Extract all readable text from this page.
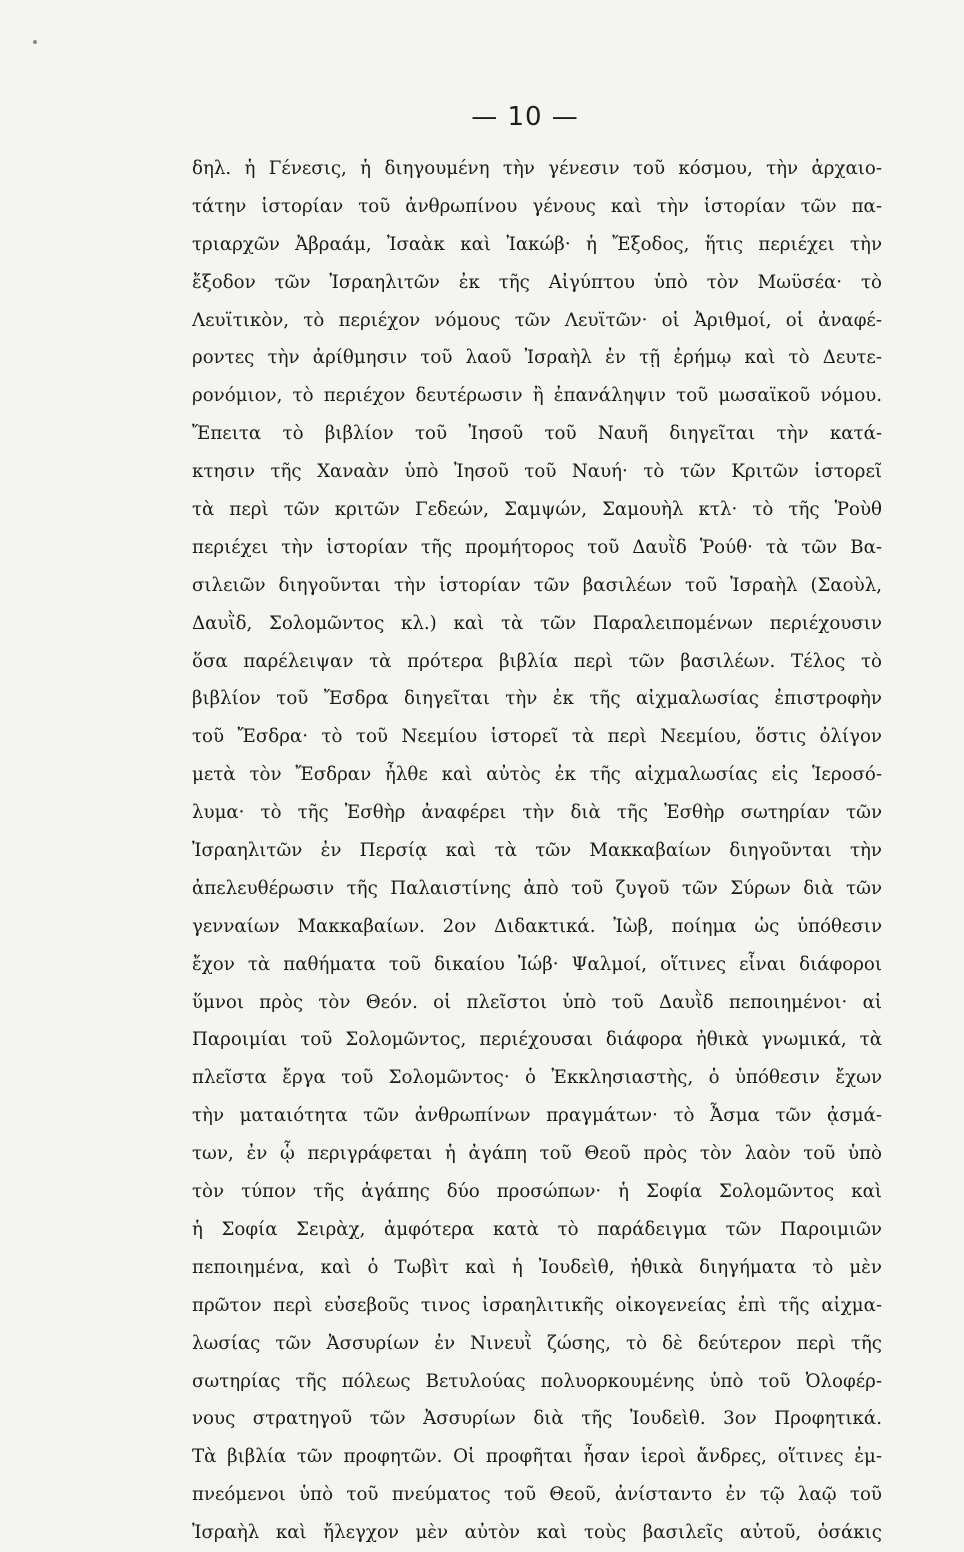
— 10 —
δηλ. ἡ Γένεσις, ἡ διηγουμένη τὴν γένεσιν τοῦ κόσμου, τὴν ἀρχαιο-
τάτην ἱστορίαν τοῦ ἀνθρωπίνου γένους καὶ τὴν ἱστορίαν τῶν πα-
τριαρχῶν Ἀβραάμ, Ἰσαὰκ καὶ Ἰακώβ· ἡ Ἔξοδος, ἥτις περιέχει τὴν
ἔξοδον τῶν Ἰσραηλιτῶν ἐκ τῆς Αἰγύπτου ὑπὸ τὸν Μωϋσέα· τὸ
Λευϊτικὸν, τὸ περιέχον νόμους τῶν Λευϊτῶν· οἱ Ἀριθμοί, οἱ ἀναφέ-
ροντες τὴν ἀρίθμησιν τοῦ λαοῦ Ἰσραὴλ ἐν τῇ ἐρήμῳ καὶ τὸ Δευτε-
ρονόμιον, τὸ περιέχον δευτέρωσιν ἢ ἐπανάληψιν τοῦ μωσαϊκοῦ νόμου.
Ἔπειτα τὸ βιβλίον τοῦ Ἰησοῦ τοῦ Ναυῆ διηγεῖται τὴν κατά-
κτησιν τῆς Χαναὰν ὑπὸ Ἰησοῦ τοῦ Ναυή· τὸ τῶν Κριτῶν ἱστορεῖ
τὰ περὶ τῶν κριτῶν Γεδεών, Σαμψών, Σαμουὴλ κτλ· τὸ τῆς Ῥοὺθ
περιέχει τὴν ἱστορίαν τῆς προμήτορος τοῦ Δαυῒδ Ῥούθ· τὰ τῶν Βα-
σιλειῶν διηγοῦνται τὴν ἱστορίαν τῶν βασιλέων τοῦ Ἰσραὴλ (Σαοὺλ,
Δαυῒδ, Σολομῶντος κλ.) καὶ τὰ τῶν Παραλειπομένων περιέχουσιν
ὅσα παρέλειψαν τὰ πρότερα βιβλία περὶ τῶν βασιλέων. Τέλος τὸ
βιβλίον τοῦ Ἔσδρα διηγεῖται τὴν ἐκ τῆς αἰχμαλωσίας ἐπιστροφὴν
τοῦ Ἔσδρα· τὸ τοῦ Νεεμίου ἱστορεῖ τὰ περὶ Νεεμίου, ὅστις ὀλίγον
μετὰ τὸν Ἔσδραν ἦλθε καὶ αὐτὸς ἐκ τῆς αἰχμαλωσίας εἰς Ἱεροσό-
λυμα· τὸ τῆς Ἐσθὴρ ἀναφέρει τὴν διὰ τῆς Ἐσθὴρ σωτηρίαν τῶν
Ἰσραηλιτῶν ἐν Περσίᾳ καὶ τὰ τῶν Μακκαβαίων διηγοῦνται τὴν
ἀπελευθέρωσιν τῆς Παλαιστίνης ἀπὸ τοῦ ζυγοῦ τῶν Σύρων διὰ τῶν
γενναίων Μακκαβαίων. 2ον Διδακτικά. Ἰὼβ, ποίημα ὡς ὑπόθεσιν
ἔχον τὰ παθήματα τοῦ δικαίου Ἰώβ· Ψαλμοί, οἵτινες εἶναι διάφοροι
ὕμνοι πρὸς τὸν Θεόν. οἱ πλεῖστοι ὑπὸ τοῦ Δαυῒδ πεποιημένοι· αἱ
Παροιμίαι τοῦ Σολομῶντος, περιέχουσαι διάφορα ἠθικὰ γνωμικά, τὰ
πλεῖστα ἔργα τοῦ Σολομῶντος· ὁ Ἐκκλησιαστὴς, ὁ ὑπόθεσιν ἔχων
τὴν ματαιότητα τῶν ἀνθρωπίνων πραγμάτων· τὸ Ἆσμα τῶν ᾀσμά-
των, ἐν ᾧ περιγράφεται ἡ ἀγάπη τοῦ Θεοῦ πρὸς τὸν λαὸν τοῦ ὑπὸ
τὸν τύπον τῆς ἀγάπης δύο προσώπων· ἡ Σοφία Σολομῶντος καὶ
ἡ Σοφία Σειρὰχ, ἀμφότερα κατὰ τὸ παράδειγμα τῶν Παροιμιῶν
πεποιημένα, καὶ ὁ Τωβὶτ καὶ ἡ Ἰουδεὶθ, ἠθικὰ διηγήματα τὸ μὲν
πρῶτον περὶ εὐσεβοῦς τινος ἰσραηλιτικῆς οἰκογενείας ἐπὶ τῆς αἰχμα-
λωσίας τῶν Ἀσσυρίων ἐν Νινευῒ ζώσης, τὸ δὲ δεύτερον περὶ τῆς
σωτηρίας τῆς πόλεως Βετυλούας πολυορκουμένης ὑπὸ τοῦ Ὀλοφέρ-
νους στρατηγοῦ τῶν Ἀσσυρίων διὰ τῆς Ἰουδεὶθ. 3ον Προφητικά.
Τὰ βιβλία τῶν προφητῶν. Οἱ προφῆται ἦσαν ἱεροὶ ἄνδρες, οἵτινες ἐμ-
πνεόμενοι ὑπὸ τοῦ πνεύματος τοῦ Θεοῦ, ἀνίσταντο ἐν τῷ λαῷ τοῦ
Ἰσραὴλ καὶ ἤλεγχον μὲν αὐτὸν καὶ τοὺς βασιλεῖς αὐτοῦ, ὁσάκις
